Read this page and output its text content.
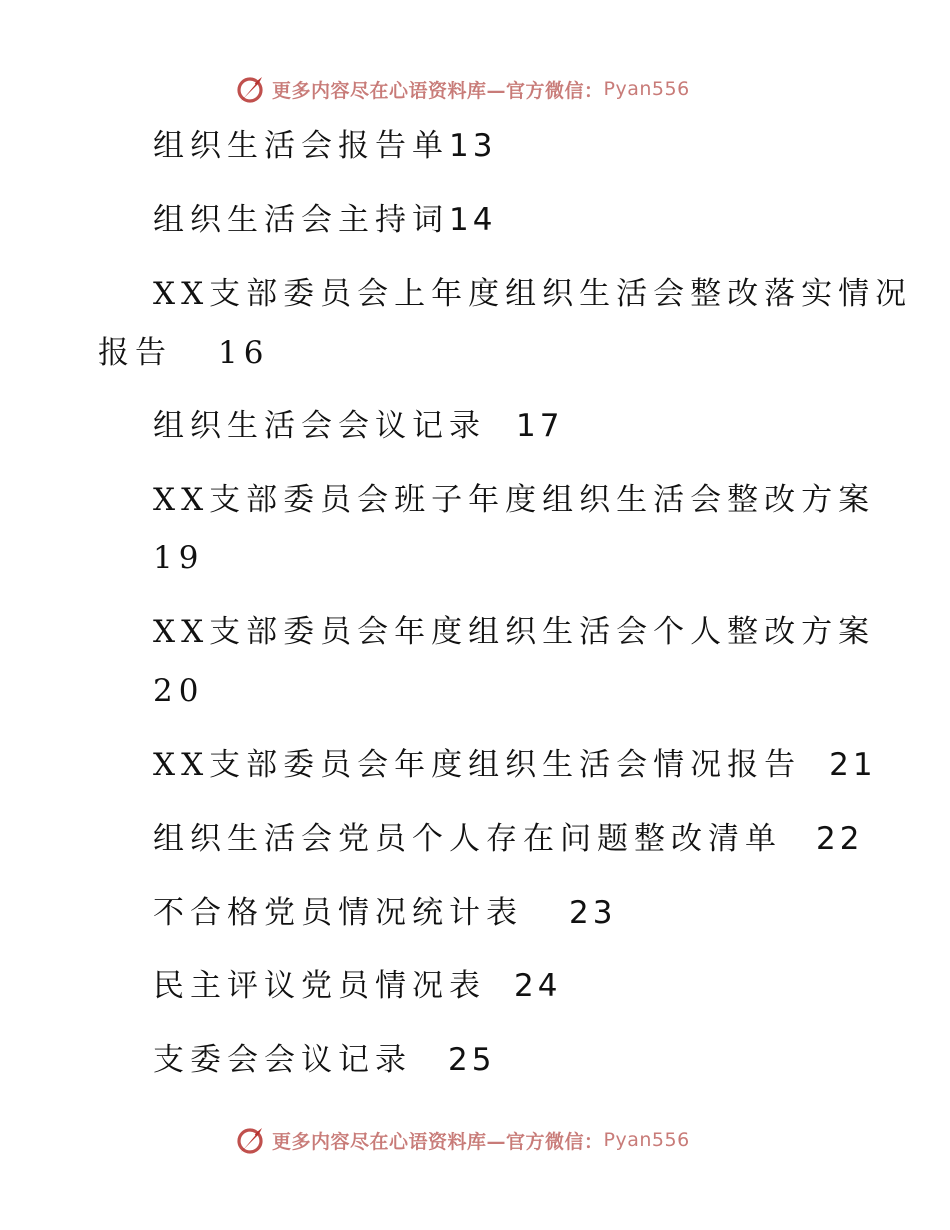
更多内容尽在心语资料库—官方微信： Pyan556
组织生活会报告单13
组织生活会主持词14
XX支部委员会上年度组织生活会整改落实情况
报告 16
组织生活会会议记录 17
XX支部委员会班子年度组织生活会整改方案
19
XX支部委员会年度组织生活会个人整改方案
20
XX支部委员会年度组织生活会情况报告 21
组织生活会党员个人存在问题整改清单 22
不合格党员情况统计表 23
民主评议党员情况表 24
支委会会议记录 25
更多内容尽在心语资料库—官方微信： Pyan556
